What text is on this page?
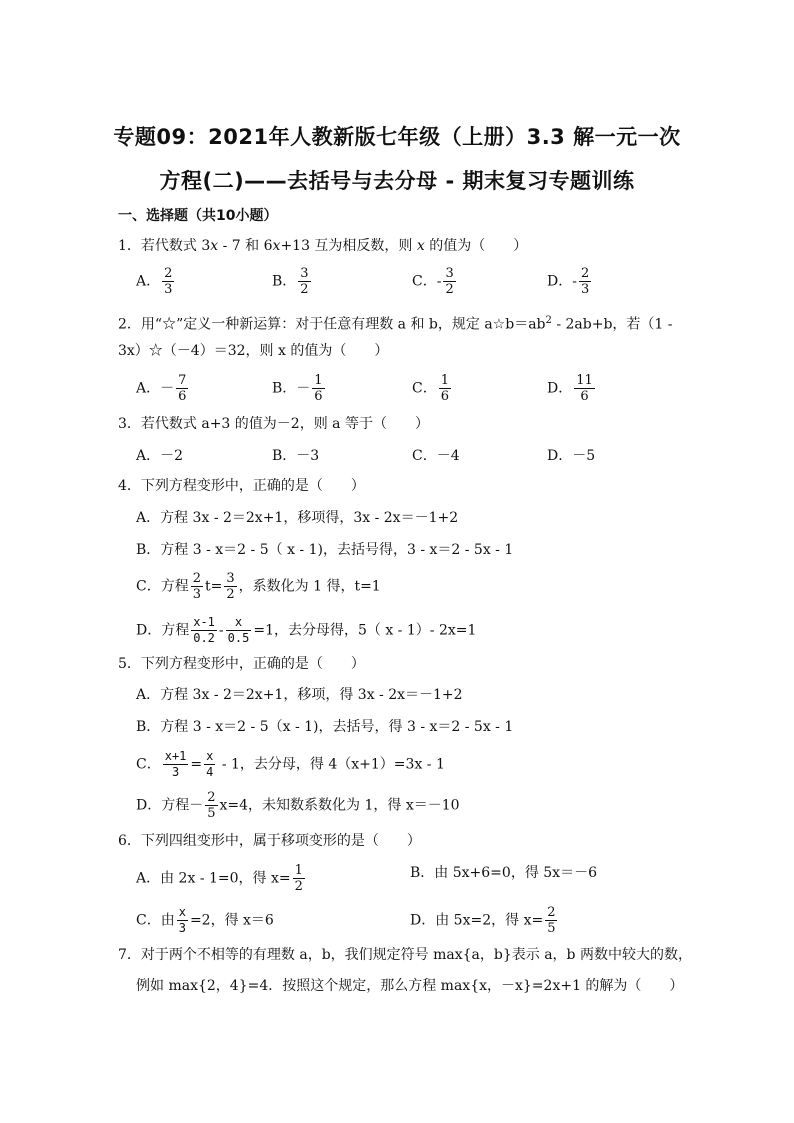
专题09：2021年人教新版七年级（上册）3.3 解一元一次
方程(二)——去括号与去分母 - 期末复习专题训练
一、选择题（共10小题）
1．若代数式 3x - 7 和 6x+13 互为相反数，则 x 的值为（　　）
A． $\frac{2}{3}$	B． $\frac{3}{2}$	C．- $\frac{3}{2}$	D．- $\frac{2}{3}$
2．用“☆”定义一种新运算：对于任意有理数 a 和 b，规定 $a☆b=ab^2 - 2ab+b$，若（1 -
3x）☆（－4）＝32，则 x 的值为（　　）
A．－ $\frac{7}{6}$	B．－ $\frac{1}{6}$	C． $\frac{1}{6}$	D． $\frac{11}{6}$
3．若代数式 a+3 的值为－2，则 a 等于（　　）
A．－2	B．－3	C．－4	D．－5
4．下列方程变形中，正确的是（　　）
A．方程 3x - 2＝2x+1，移项得，3x - 2x＝－1+2
B．方程 3 - x＝2 - 5（ x - 1)，去括号得，3 - x＝2 - 5x - 1
C．方程 $\frac{2}{3} t= \frac{3}{2}$ ，系数化为 1 得，t=1
D．方程 $\frac{x-1}{0.2} - \frac{x}{0.5} =1$，去分母得，5（ x - 1）- 2x=1
5．下列方程变形中，正确的是（　　）
A．方程 3x - 2＝2x+1，移项，得 3x - 2x＝－1+2
B．方程 3 - x＝2 - 5（x - 1)，去括号，得 3 - x＝2 - 5x - 1
C． $\frac{x+1}{3} = \frac{x}{4} - 1$，去分母，得 4（x+1）=3x - 1
D．方程－ $\frac{2}{5} x=4$，未知数系数化为 1，得 x＝－10
6．下列四组变形中，属于移项变形的是（　　）
A．由 2x - 1=0，得 $x= \frac{1}{2}$	B．由 5x+6=0，得 5x＝－6
C．由 $\frac{x}{3} =2$，得 x＝6	D．由 5x=2，得 $x= \frac{2}{5}$
7．对于两个不相等的有理数 a，b，我们规定符号 max{a，b}表示 a，b 两数中较大的数，
例如 max{2，4}=4．按照这个规定，那么方程 max{x，－x}=2x+1 的解为（　　）
